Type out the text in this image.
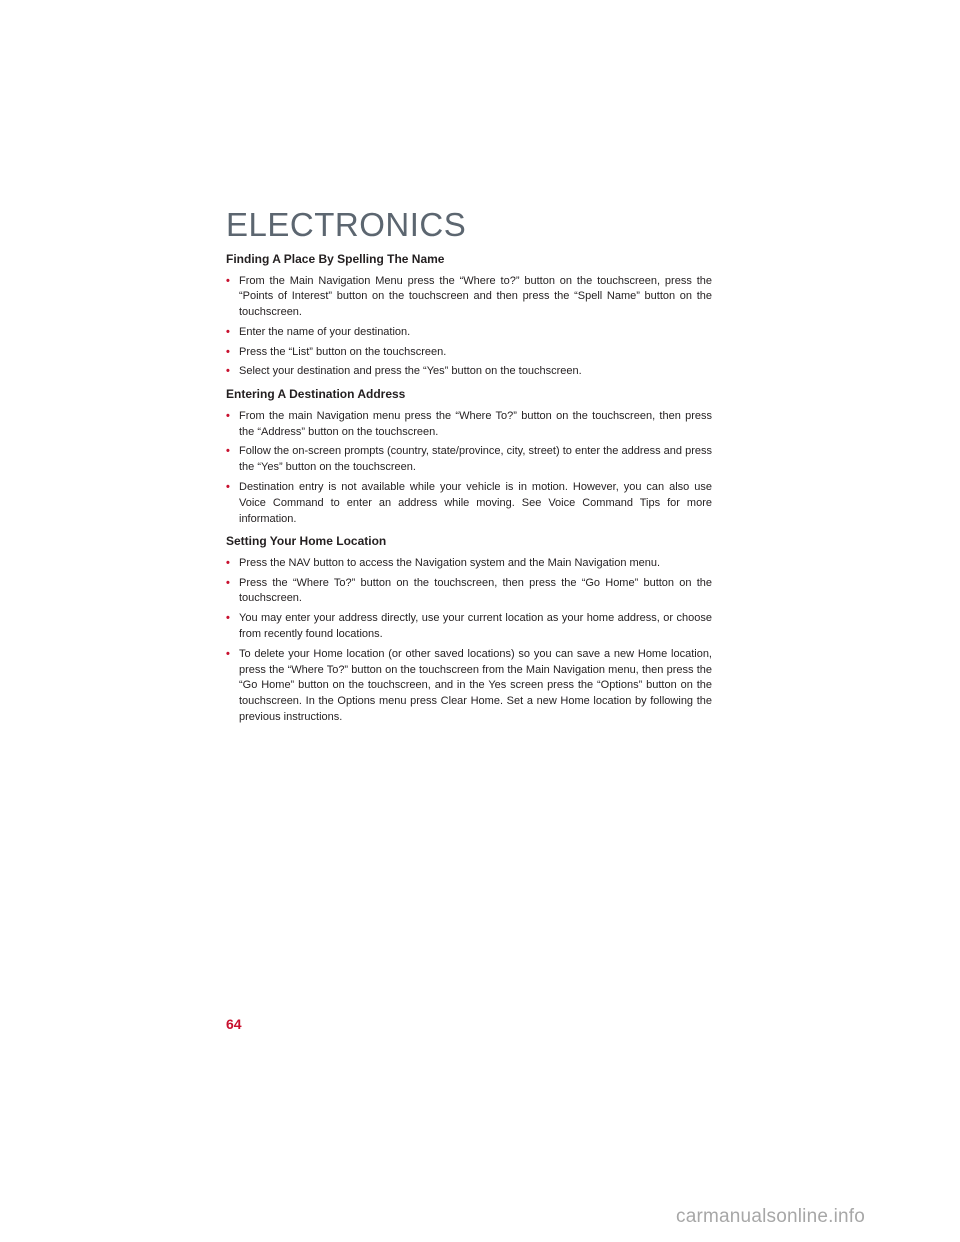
ELECTRONICS

Finding A Place By Spelling The Name

• From the Main Navigation Menu press the “Where to?” button on the touchscreen, press the “Points of Interest” button on the touchscreen and then press the “Spell Name” button on the touchscreen.
• Enter the name of your destination.
• Press the “List” button on the touchscreen.
• Select your destination and press the “Yes” button on the touchscreen.

Entering A Destination Address

• From the main Navigation menu press the “Where To?” button on the touchscreen, then press the “Address” button on the touchscreen.
• Follow the on-screen prompts (country, state/province, city, street) to enter the address and press the “Yes” button on the touchscreen.
• Destination entry is not available while your vehicle is in motion. However, you can also use Voice Command to enter an address while moving. See Voice Command Tips for more information.

Setting Your Home Location

• Press the NAV button to access the Navigation system and the Main Navigation menu.
• Press the “Where To?” button on the touchscreen, then press the “Go Home” button on the touchscreen.
• You may enter your address directly, use your current location as your home address, or choose from recently found locations.
• To delete your Home location (or other saved locations) so you can save a new Home location, press the “Where To?” button on the touchscreen from the Main Navigation menu, then press the “Go Home” button on the touchscreen, and in the Yes screen press the “Options” button on the touchscreen. In the Options menu press Clear Home. Set a new Home location by following the previous instructions.

64

carmanualsonline.info
